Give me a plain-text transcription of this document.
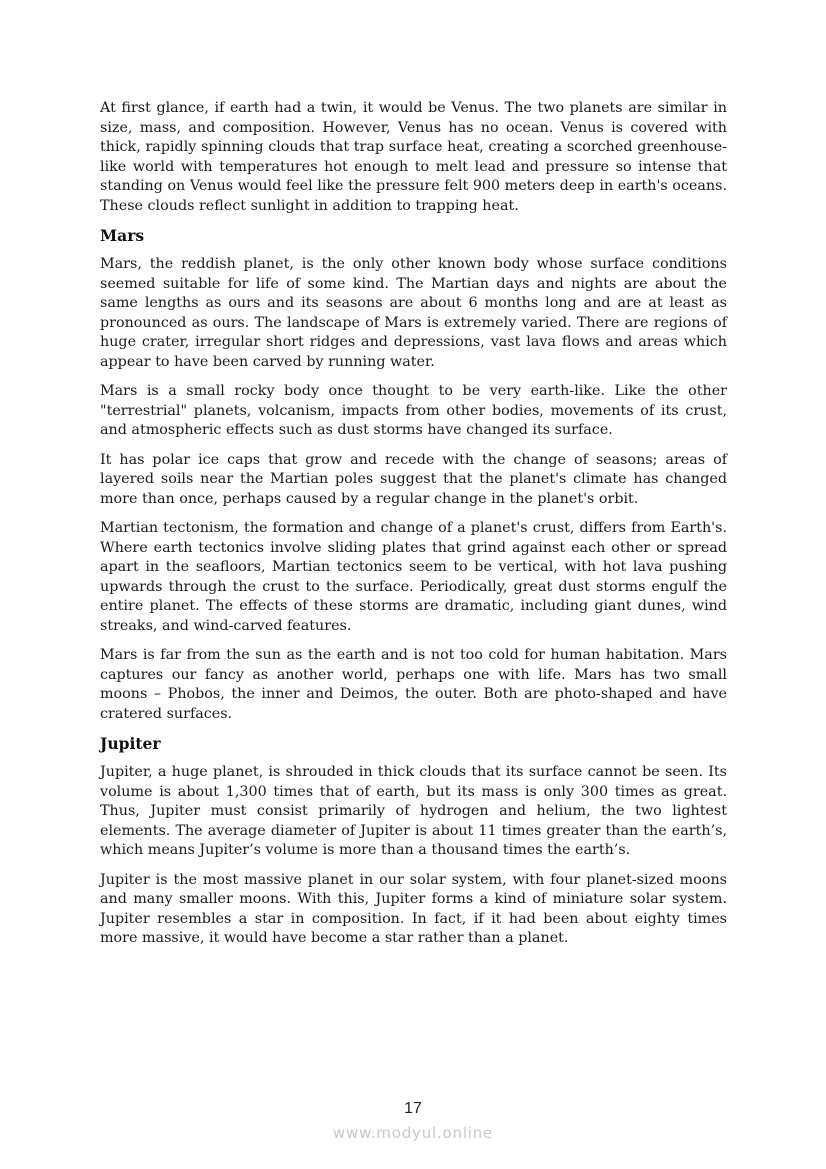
At first glance, if earth had a twin, it would be Venus. The two planets are similar in size, mass, and composition. However, Venus has no ocean. Venus is covered with thick, rapidly spinning clouds that trap surface heat, creating a scorched greenhouse-like world with temperatures hot enough to melt lead and pressure so intense that standing on Venus would feel like the pressure felt 900 meters deep in earth's oceans. These clouds reflect sunlight in addition to trapping heat.

Mars

Mars, the reddish planet, is the only other known body whose surface conditions seemed suitable for life of some kind. The Martian days and nights are about the same lengths as ours and its seasons are about 6 months long and are at least as pronounced as ours. The landscape of Mars is extremely varied. There are regions of huge crater, irregular short ridges and depressions, vast lava flows and areas which appear to have been carved by running water.

Mars is a small rocky body once thought to be very earth-like. Like the other "terrestrial" planets, volcanism, impacts from other bodies, movements of its crust, and atmospheric effects such as dust storms have changed its surface.

It has polar ice caps that grow and recede with the change of seasons; areas of layered soils near the Martian poles suggest that the planet's climate has changed more than once, perhaps caused by a regular change in the planet's orbit.

Martian tectonism, the formation and change of a planet's crust, differs from Earth's. Where earth tectonics involve sliding plates that grind against each other or spread apart in the seafloors, Martian tectonics seem to be vertical, with hot lava pushing upwards through the crust to the surface. Periodically, great dust storms engulf the entire planet. The effects of these storms are dramatic, including giant dunes, wind streaks, and wind-carved features.

Mars is far from the sun as the earth and is not too cold for human habitation. Mars captures our fancy as another world, perhaps one with life. Mars has two small moons – Phobos, the inner and Deimos, the outer. Both are photo-shaped and have cratered surfaces.

Jupiter

Jupiter, a huge planet, is shrouded in thick clouds that its surface cannot be seen. Its volume is about 1,300 times that of earth, but its mass is only 300 times as great. Thus, Jupiter must consist primarily of hydrogen and helium, the two lightest elements. The average diameter of Jupiter is about 11 times greater than the earth’s, which means Jupiter’s volume is more than a thousand times the earth’s.

Jupiter is the most massive planet in our solar system, with four planet-sized moons and many smaller moons. With this, Jupiter forms a kind of miniature solar system. Jupiter resembles a star in composition. In fact, if it had been about eighty times more massive, it would have become a star rather than a planet.

17
www.modyul.online
